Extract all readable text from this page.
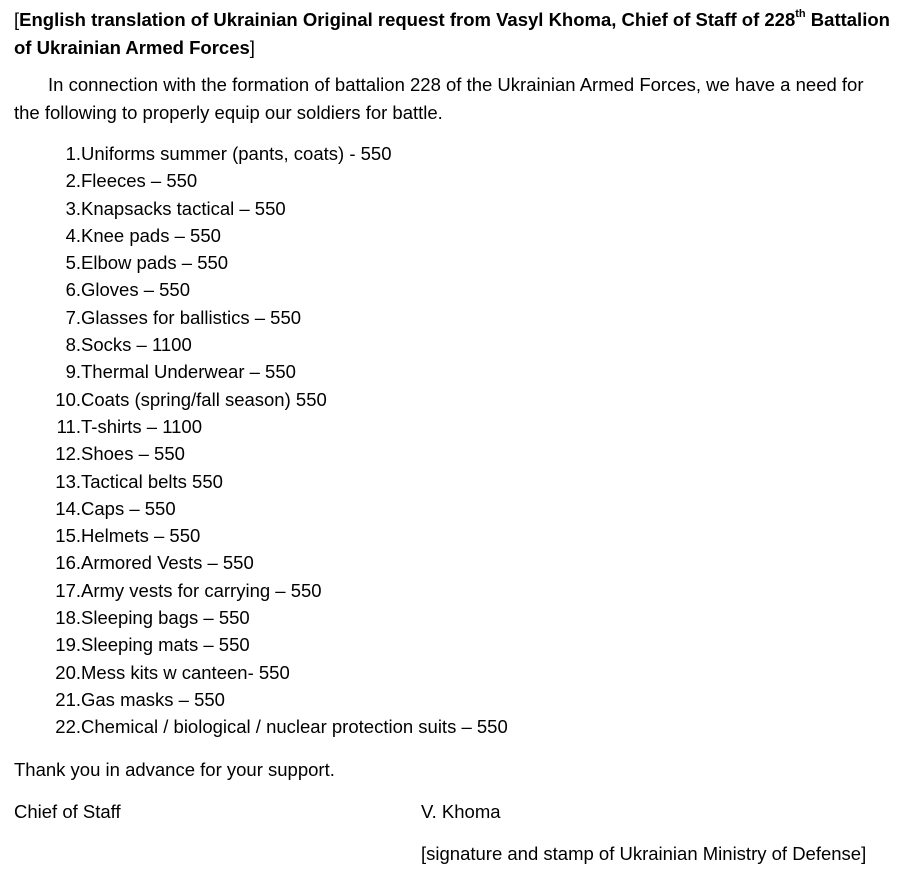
[English translation of Ukrainian Original request from Vasyl Khoma, Chief of Staff of 228th Battalion of Ukrainian Armed Forces]

In connection with the formation of battalion 228 of the Ukrainian Armed Forces, we have a need for the following to properly equip our soldiers for battle.

1. Uniforms summer (pants, coats) - 550
2. Fleeces – 550
3. Knapsacks tactical – 550
4. Knee pads – 550
5. Elbow pads – 550
6. Gloves – 550
7. Glasses for ballistics – 550
8. Socks – 1100
9. Thermal Underwear – 550
10. Coats (spring/fall season) 550
11. T-shirts – 1100
12. Shoes – 550
13. Tactical belts 550
14. Caps – 550
15. Helmets – 550
16. Armored Vests – 550
17. Army vests for carrying – 550
18. Sleeping bags – 550
19. Sleeping mats – 550
20. Mess kits w canteen- 550
21. Gas masks – 550
22. Chemical / biological / nuclear protection suits – 550

Thank you in advance for your support.

Chief of Staff	V. Khoma

[signature and stamp of Ukrainian Ministry of Defense]
